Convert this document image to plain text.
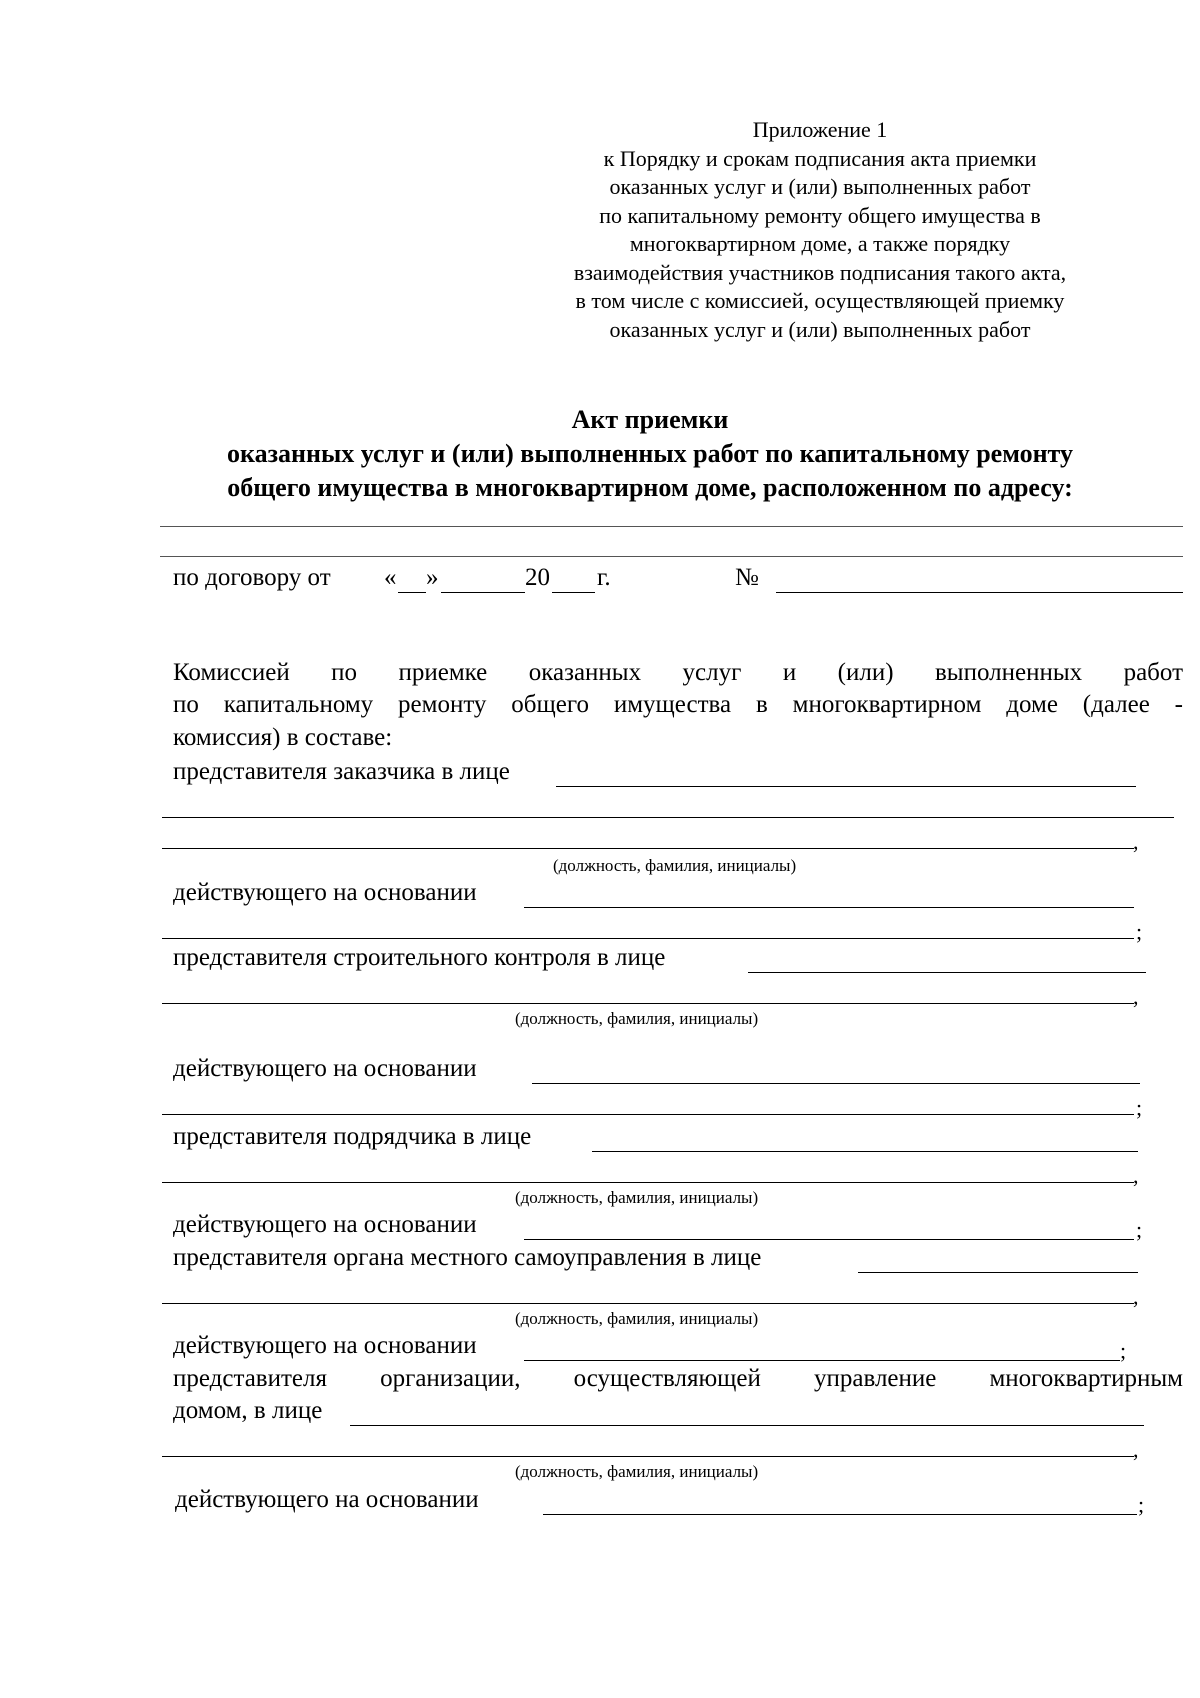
Приложение 1
к Порядку и срокам подписания акта приемки
оказанных услуг и (или) выполненных работ
по капитальному ремонту общего имущества в
многоквартирном доме, а также порядку
взаимодействия участников подписания такого акта,
в том числе с комиссией, осуществляющей приемку
оказанных услуг и (или) выполненных работ
Акт приемки
оказанных услуг и (или) выполненных работ по капитальному ремонту
общего имущества в многоквартирном доме, расположенном по адресу:
по договору от « »	20 г.	№
Комиссией по приемке оказанных услуг и (или) выполненных работ
по капитальному ремонту общего имущества в многоквартирном доме (далее -
комиссия) в составе:
представителя заказчика в лице
,
(должность, фамилия, инициалы)
действующего на основании
;
представителя строительного контроля в лице
,
(должность, фамилия, инициалы)
действующего на основании
;
представителя подрядчика в лице
,
(должность, фамилия, инициалы)
действующего на основании	;
представителя органа местного самоуправления в лице
,
(должность, фамилия, инициалы)
действующего на основании	;
представителя организации, осуществляющей управление многоквартирным
домом, в лице
,
(должность, фамилия, инициалы)
действующего на основании	;
